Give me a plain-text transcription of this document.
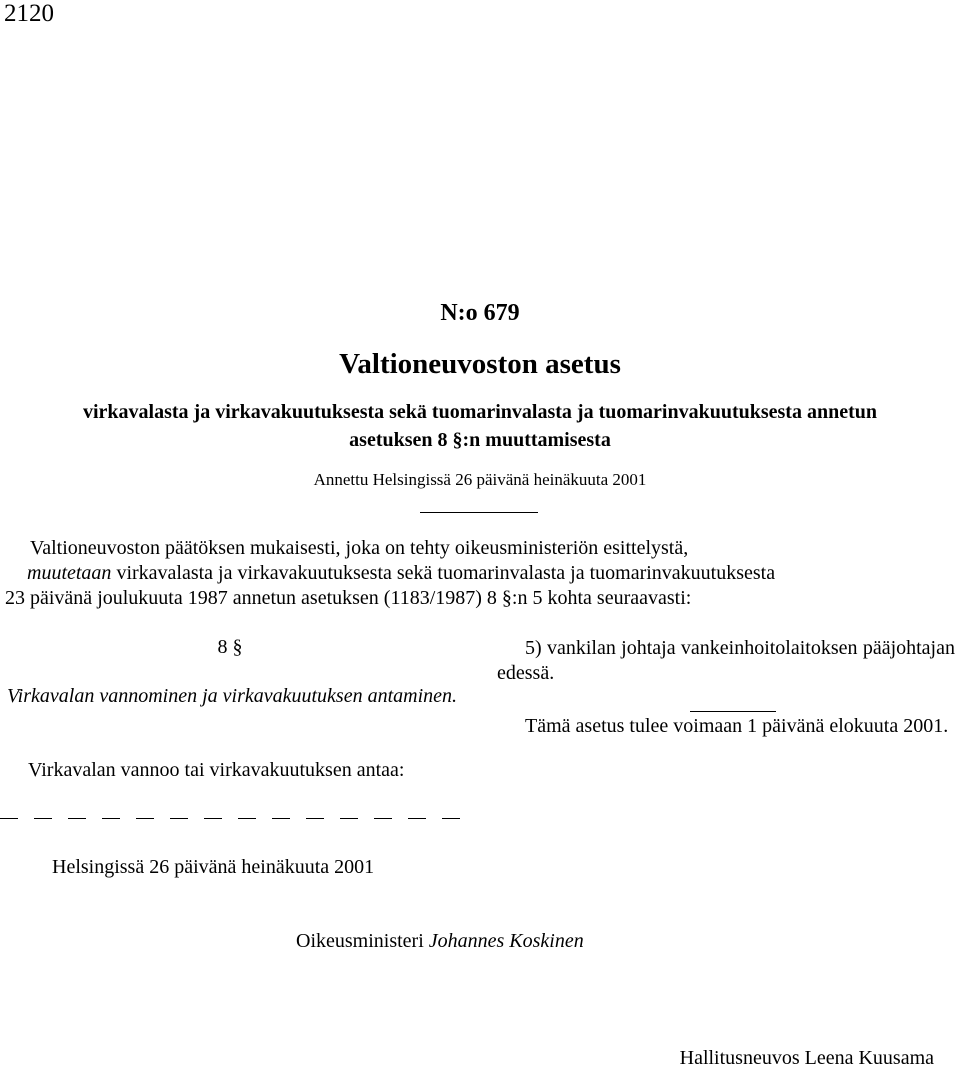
2120
N:o 679
Valtioneuvoston asetus
virkavalasta ja virkavakuutuksesta sekä tuomarinvalasta ja tuomarinvakuutuksesta annetun
asetuksen 8 §:n muuttamisesta
Annettu Helsingissä 26 päivänä heinäkuuta 2001
Valtioneuvoston päätöksen mukaisesti, joka on tehty oikeusministeriön esittelystä,
muutetaan virkavalasta ja virkavakuutuksesta sekä tuomarinvalasta ja tuomarinvakuutuksesta
23 päivänä joulukuuta 1987 annetun asetuksen (1183/1987) 8 §:n 5 kohta seuraavasti:
8 §
Virkavalan vannominen ja virkavakuutuksen antaminen.
Virkavalan vannoo tai virkavakuutuksen antaa:
5) vankilan johtaja vankeinhoitolaitoksen pääjohtajan edessä.
Tämä asetus tulee voimaan 1 päivänä elokuuta 2001.
Helsingissä 26 päivänä heinäkuuta 2001
Oikeusministeri Johannes Koskinen
Hallitusneuvos Leena Kuusama
